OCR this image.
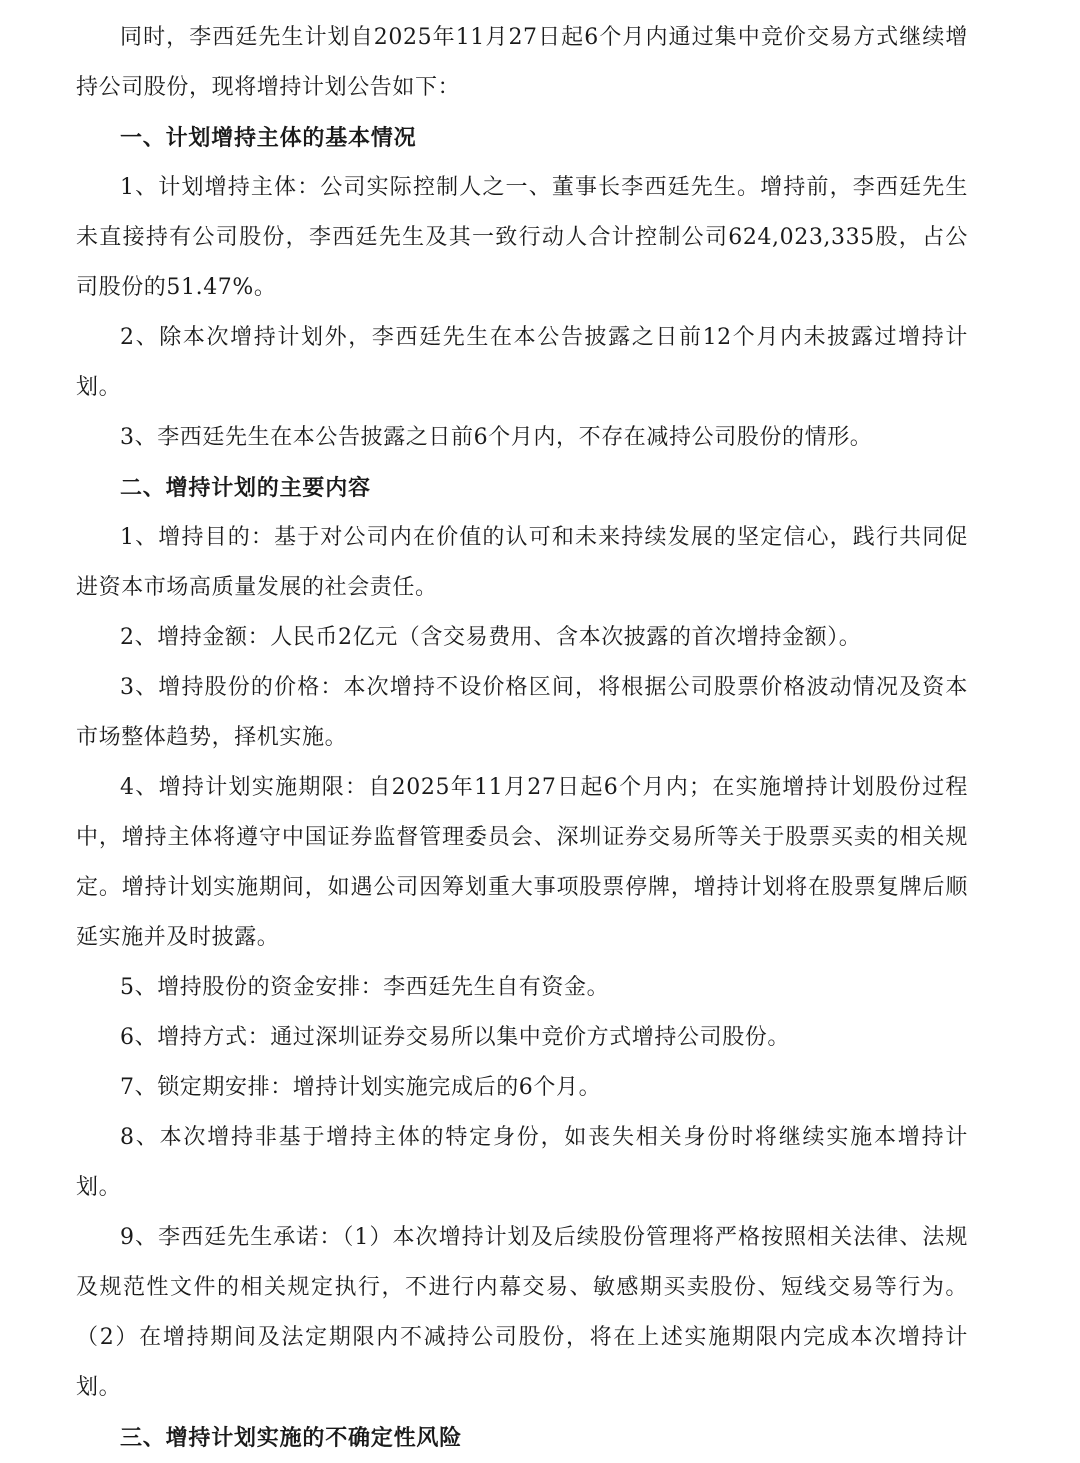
同时，李西廷先生计划自2025年11月27日起6个月内通过集中竞价交易方式继续增持公司股份，现将增持计划公告如下：

一、计划增持主体的基本情况

1、计划增持主体：公司实际控制人之一、董事长李西廷先生。增持前，李西廷先生未直接持有公司股份，李西廷先生及其一致行动人合计控制公司624,023,335股，占公司股份的51.47%。

2、除本次增持计划外，李西廷先生在本公告披露之日前12个月内未披露过增持计划。

3、李西廷先生在本公告披露之日前6个月内，不存在减持公司股份的情形。

二、增持计划的主要内容

1、增持目的：基于对公司内在价值的认可和未来持续发展的坚定信心，践行共同促进资本市场高质量发展的社会责任。

2、增持金额：人民币2亿元（含交易费用、含本次披露的首次增持金额）。

3、增持股份的价格：本次增持不设价格区间，将根据公司股票价格波动情况及资本市场整体趋势，择机实施。

4、增持计划实施期限：自2025年11月27日起6个月内；在实施增持计划股份过程中，增持主体将遵守中国证券监督管理委员会、深圳证券交易所等关于股票买卖的相关规定。增持计划实施期间，如遇公司因筹划重大事项股票停牌，增持计划将在股票复牌后顺延实施并及时披露。

5、增持股份的资金安排：李西廷先生自有资金。

6、增持方式：通过深圳证券交易所以集中竞价方式增持公司股份。

7、锁定期安排：增持计划实施完成后的6个月。

8、本次增持非基于增持主体的特定身份，如丧失相关身份时将继续实施本增持计划。

9、李西廷先生承诺：（1）本次增持计划及后续股份管理将严格按照相关法律、法规及规范性文件的相关规定执行，不进行内幕交易、敏感期买卖股份、短线交易等行为。（2）在增持期间及法定期限内不减持公司股份，将在上述实施期限内完成本次增持计划。

三、增持计划实施的不确定性风险
